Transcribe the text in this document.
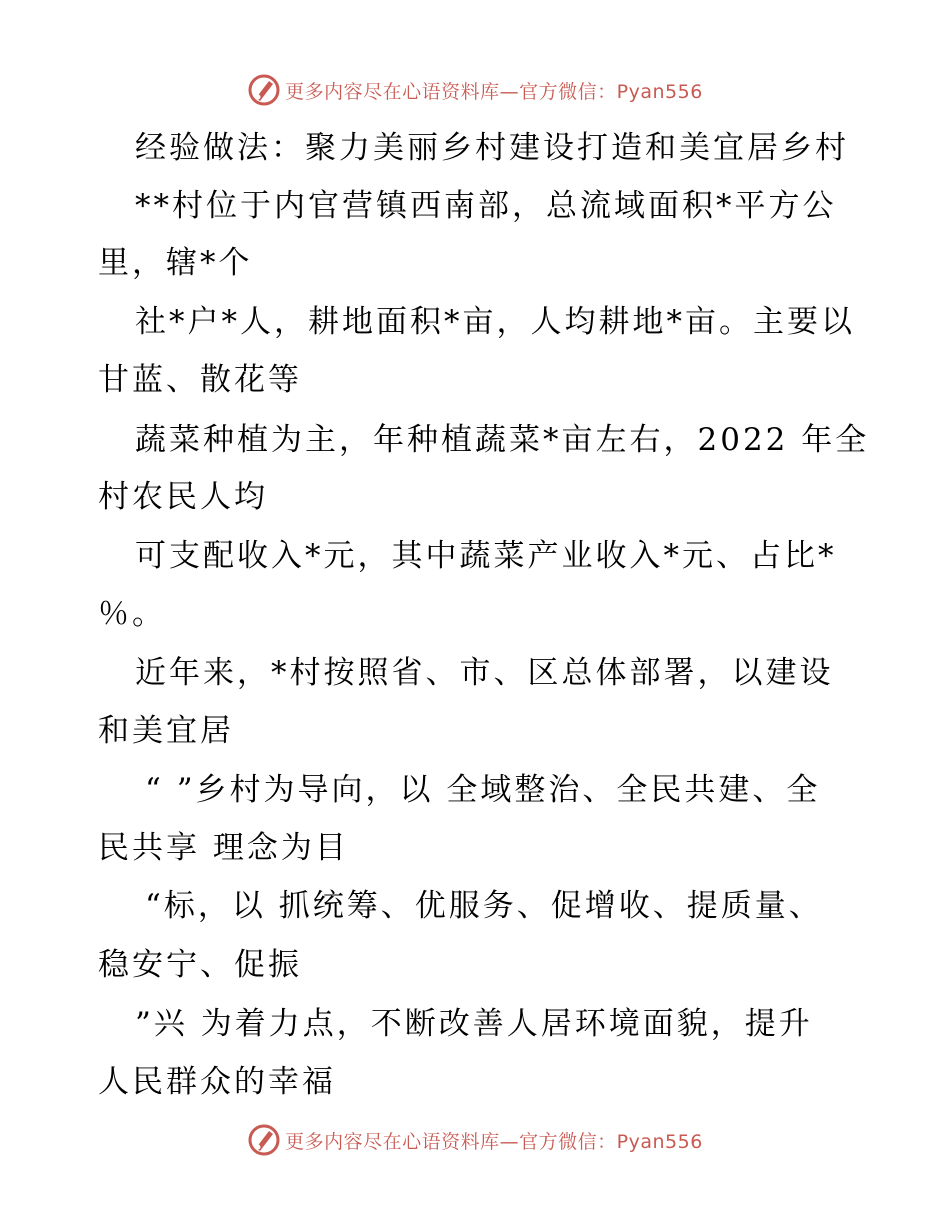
更多内容尽在心语资料库—官方微信：Pyan556
经验做法：聚力美丽乡村建设打造和美宜居乡村
**村位于内官营镇西南部，总流域面积*平方公
里，辖*个
社*户*人，耕地面积*亩，人均耕地*亩。主要以
甘蓝、散花等
蔬菜种植为主，年种植蔬菜*亩左右，2022 年全
村农民人均
可支配收入*元，其中蔬菜产业收入*元、占比*
％。
近年来，*村按照省、市、区总体部署，以建设
和美宜居
“ ”乡村为导向，以 全域整治、全民共建、全
民共享 理念为目
“标，以 抓统筹、优服务、促增收、提质量、
稳安宁、促振
”兴 为着力点，不断改善人居环境面貌，提升
人民群众的幸福
更多内容尽在心语资料库—官方微信：Pyan556
